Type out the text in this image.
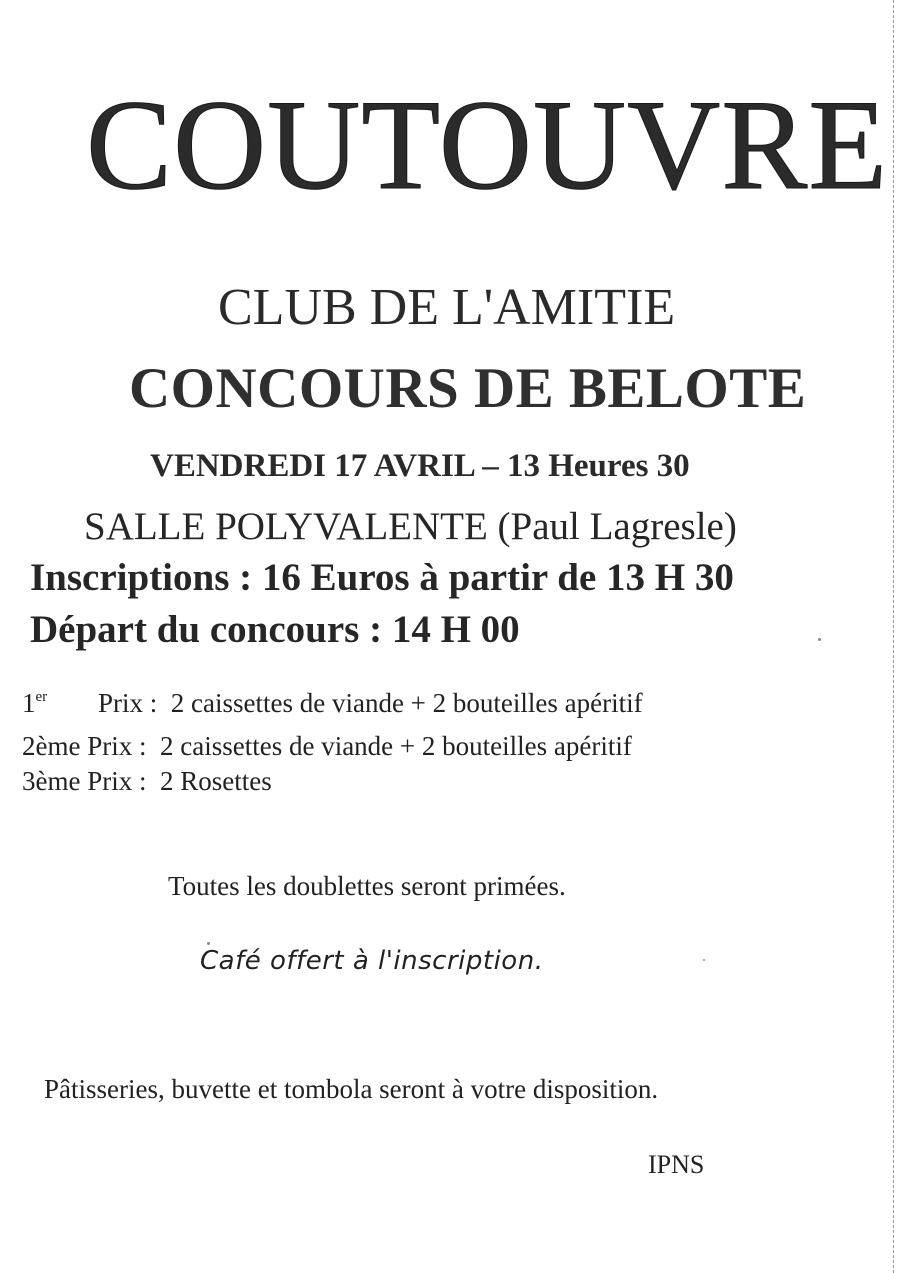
COUTOUVRE
CLUB DE L'AMITIE
CONCOURS DE BELOTE
VENDREDI 17 AVRIL – 13 Heures 30
SALLE POLYVALENTE (Paul Lagresle)
Inscriptions : 16 Euros à partir de 13 H 30
Départ du concours : 14 H 00
1er Prix : 2 caissettes de viande + 2 bouteilles apéritif
2ème Prix : 2 caissettes de viande + 2 bouteilles apéritif
3ème Prix : 2 Rosettes
Toutes les doublettes seront primées.
Café offert à l'inscription.
Pâtisseries, buvette et tombola seront à votre disposition.
IPNS
